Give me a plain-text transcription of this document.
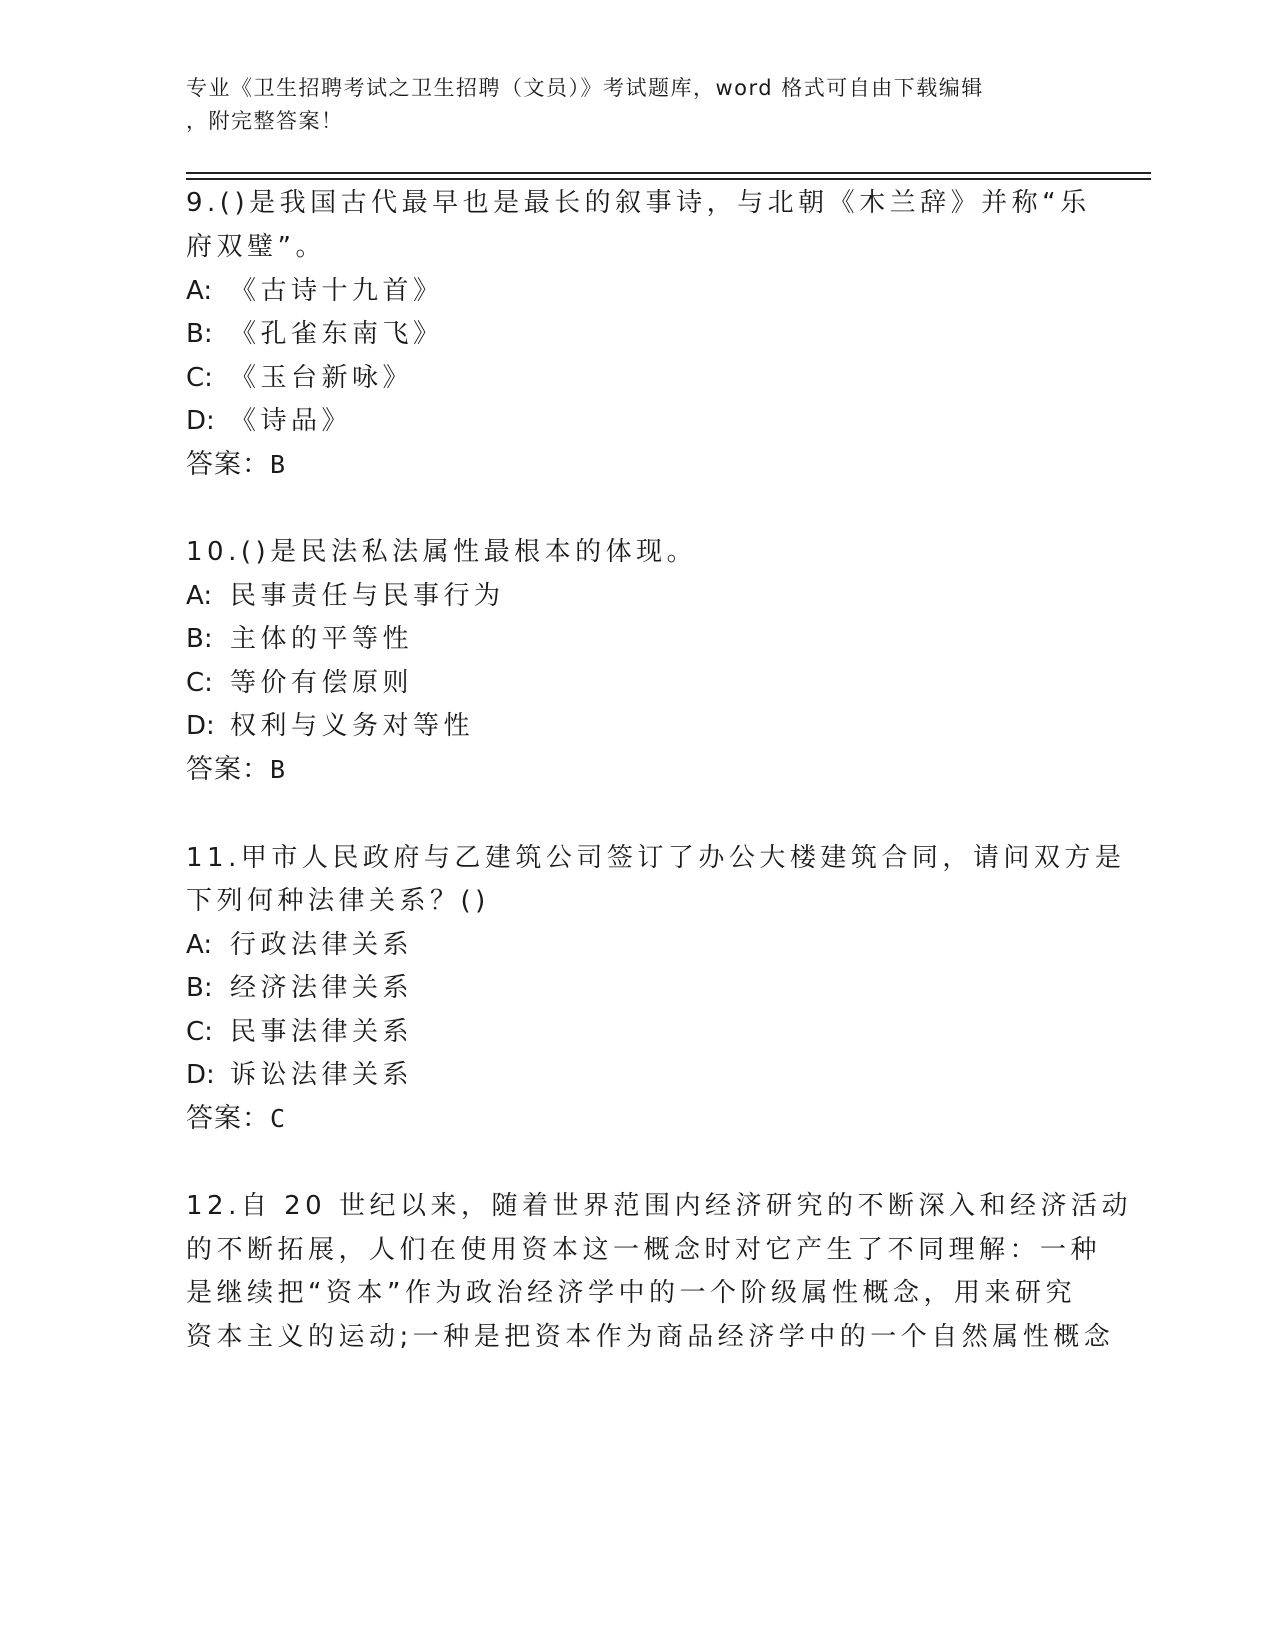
专业《卫生招聘考试之卫生招聘（文员）》考试题库，word 格式可自由下载编辑
，附完整答案！
9.()是我国古代最早也是最长的叙事诗，与北朝《木兰辞》并称“乐
府双璧”。
A: 《古诗十九首》
B: 《孔雀东南飞》
C: 《玉台新咏》
D: 《诗品》
答案：B
10.()是民法私法属性最根本的体现。
A: 民事责任与民事行为
B: 主体的平等性
C: 等价有偿原则
D: 权利与义务对等性
答案：B
11.甲市人民政府与乙建筑公司签订了办公大楼建筑合同，请问双方是
下列何种法律关系？()
A: 行政法律关系
B: 经济法律关系
C: 民事法律关系
D: 诉讼法律关系
答案：C
12.自 20 世纪以来，随着世界范围内经济研究的不断深入和经济活动
的不断拓展，人们在使用资本这一概念时对它产生了不同理解：一种
是继续把“资本”作为政治经济学中的一个阶级属性概念，用来研究
资本主义的运动;一种是把资本作为商品经济学中的一个自然属性概念
